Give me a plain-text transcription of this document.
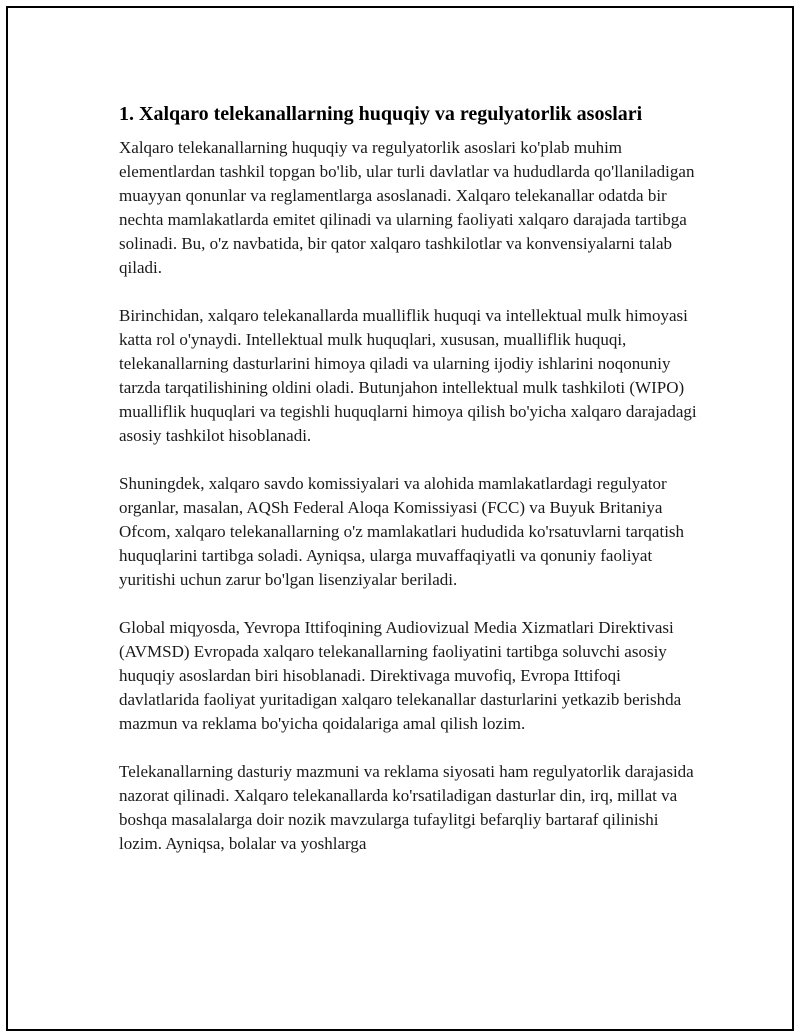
1. Xalqaro telekanallarning huquqiy va regulyatorlik asoslari

Xalqaro telekanallarning huquqiy va regulyatorlik asoslari ko'plab muhim elementlardan tashkil topgan bo'lib, ular turli davlatlar va hududlarda qo'llaniladigan muayyan qonunlar va reglamentlarga asoslanadi. Xalqaro telekanallar odatda bir nechta mamlakatlarda emitet qilinadi va ularning faoliyati xalqaro darajada tartibga solinadi. Bu, o'z navbatida, bir qator xalqaro tashkilotlar va konvensiyalarni talab qiladi.

Birinchidan, xalqaro telekanallarda mualliflik huquqi va intellektual mulk himoyasi katta rol o'ynaydi. Intellektual mulk huquqlari, xususan, mualliflik huquqi, telekanallarning dasturlarini himoya qiladi va ularning ijodiy ishlarini noqonuniy tarzda tarqatilishining oldini oladi. Butunjahon intellektual mulk tashkiloti (WIPO) mualliflik huquqlari va tegishli huquqlarni himoya qilish bo'yicha xalqaro darajadagi asosiy tashkilot hisoblanadi.

Shuningdek, xalqaro savdo komissiyalari va alohida mamlakatlardagi regulyator organlar, masalan, AQSh Federal Aloqa Komissiyasi (FCC) va Buyuk Britaniya Ofcom, xalqaro telekanallarning o'z mamlakatlari hududida ko'rsatuvlarni tarqatish huquqlarini tartibga soladi. Ayniqsa, ularga muvaffaqiyatli va qonuniy faoliyat yuritishi uchun zarur bo'lgan lisenziyalar beriladi.

Global miqyosda, Yevropa Ittifoqining Audiovizual Media Xizmatlari Direktivasi (AVMSD) Evropada xalqaro telekanallarning faoliyatini tartibga soluvchi asosiy huquqiy asoslardan biri hisoblanadi. Direktivaga muvofiq, Evropa Ittifoqi davlatlarida faoliyat yuritadigan xalqaro telekanallar dasturlarini yetkazib berishda mazmun va reklama bo'yicha qoidalariga amal qilish lozim.

Telekanallarning dasturiy mazmuni va reklama siyosati ham regulyatorlik darajasida nazorat qilinadi. Xalqaro telekanallarda ko'rsatiladigan dasturlar din, irq, millat va boshqa masalalarga doir nozik mavzularga tufaylitgi befarqliy bartaraf qilinishi lozim. Ayniqsa, bolalar va yoshlarga
